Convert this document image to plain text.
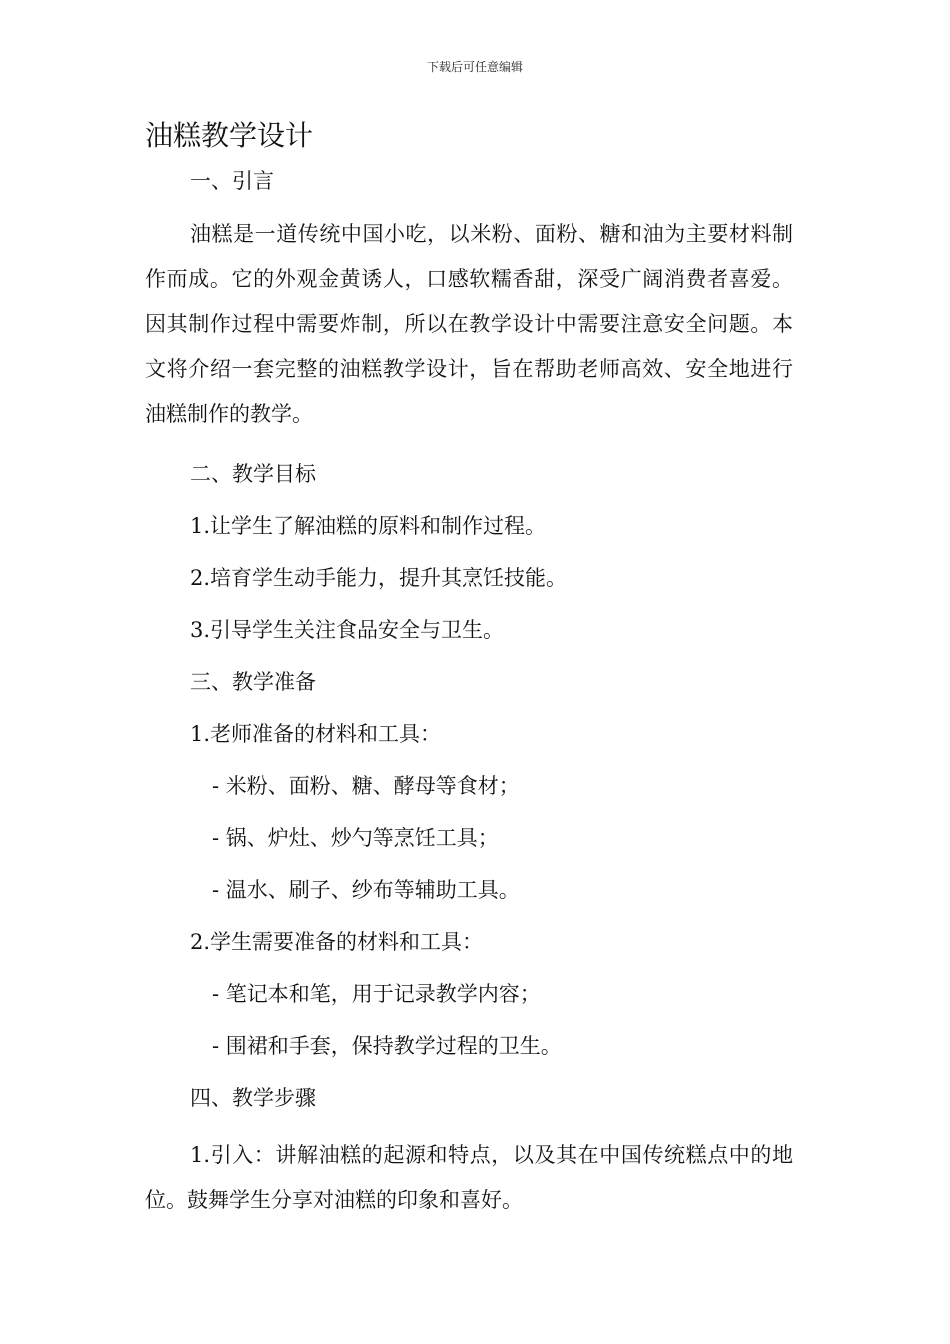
下载后可任意编辑
油糕教学设计

一、引言

油糕是一道传统中国小吃，以米粉、面粉、糖和油为主要材料制作而成。它的外观金黄诱人，口感软糯香甜，深受广阔消费者喜爱。因其制作过程中需要炸制，所以在教学设计中需要注意安全问题。本文将介绍一套完整的油糕教学设计，旨在帮助老师高效、安全地进行油糕制作的教学。

二、教学目标

1.让学生了解油糕的原料和制作过程。

2.培育学生动手能力，提升其烹饪技能。

3.引导学生关注食品安全与卫生。

三、教学准备

1.老师准备的材料和工具：

- 米粉、面粉、糖、酵母等食材；

- 锅、炉灶、炒勺等烹饪工具；

- 温水、刷子、纱布等辅助工具。

2.学生需要准备的材料和工具：

- 笔记本和笔，用于记录教学内容；

- 围裙和手套，保持教学过程的卫生。

四、教学步骤

1.引入：讲解油糕的起源和特点，以及其在中国传统糕点中的地位。鼓舞学生分享对油糕的印象和喜好。
